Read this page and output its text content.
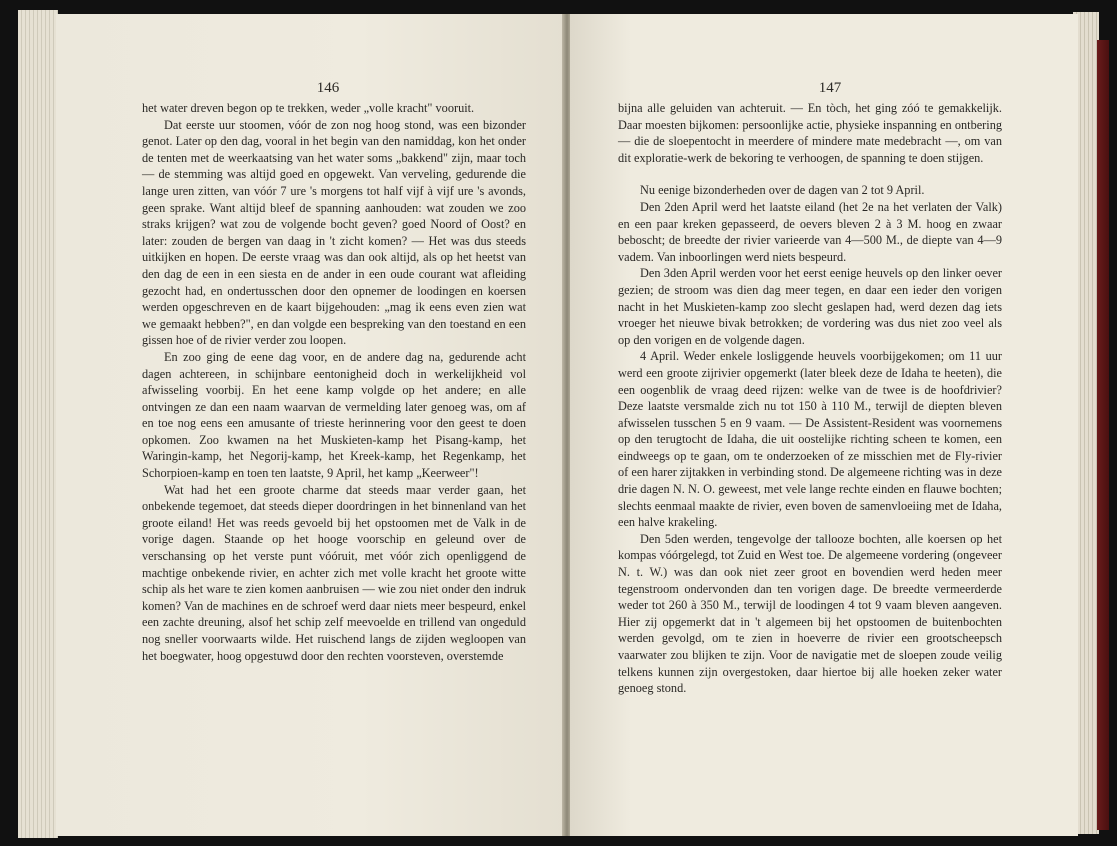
146

het water dreven begon op te trekken, weder „volle kracht" vooruit.

Dat eerste uur stoomen, vóór de zon nog hoog stond, was een bizonder genot. Later op den dag, vooral in het begin van den namiddag, kon het onder de tenten met de weerkaatsing van het water soms „bakkend" zijn, maar toch — de stemming was altijd goed en opgewekt. Van verveling, gedurende die lange uren zitten, van vóór 7 ure 's morgens tot half vijf à vijf ure 's avonds, geen sprake. Want altijd bleef de spanning aanhouden: wat zouden we zoo straks krijgen? wat zou de volgende bocht geven? goed Noord of Oost? en later: zouden de bergen van daag in 't zicht komen? — Het was dus steeds uitkijken en hopen. De eerste vraag was dan ook altijd, als op het heetst van den dag de een in een siesta en de ander in een oude courant wat afleiding gezocht had, en ondertusschen door den opnemer de loodingen en koersen werden opgeschreven en de kaart bijgehouden: „mag ik eens even zien wat we gemaakt hebben?", en dan volgde een bespreking van den toestand en een gissen hoe of de rivier verder zou loopen.

En zoo ging de eene dag voor, en de andere dag na, gedurende acht dagen achtereen, in schijnbare eentonigheid doch in werkelijkheid vol afwisseling voorbij. En het eene kamp volgde op het andere; en alle ontvingen ze dan een naam waarvan de vermelding later genoeg was, om af en toe nog eens een amusante of trieste herinnering voor den geest te doen opkomen. Zoo kwamen na het Muskieten-kamp het Pisang-kamp, het Waringin-kamp, het Negorij-kamp, het Kreek-kamp, het Regenkamp, het Schorpioen-kamp en toen ten laatste, 9 April, het kamp „Keerweer"!

Wat had het een groote charme dat steeds maar verder gaan, het onbekende tegemoet, dat steeds dieper doordringen in het binnenland van het groote eiland! Het was reeds gevoeld bij het opstoomen met de Valk in de vorige dagen. Staande op het hooge voorschip en geleund over de verschansing op het verste punt vóóruit, met vóór zich openliggend de machtige onbekende rivier, en achter zich met volle kracht het groote witte schip als het ware te zien komen aanbruisen — wie zou niet onder den indruk komen? Van de machines en de schroef werd daar niets meer bespeurd, enkel een zachte dreuning, alsof het schip zelf meevoelde en trillend van ongeduld nog sneller voorwaarts wilde. Het ruischend langs de zijden wegloopen van het boegwater, hoog opgestuwd door den rechten voorsteven, overstemde

147

bijna alle geluiden van achteruit. — En tòch, het ging zóó te gemakkelijk. Daar moesten bijkomen: persoonlijke actie, physieke inspanning en ontbering — die de sloepentocht in meerdere of mindere mate medebracht —, om van dit exploratie-werk de bekoring te verhoogen, de spanning te doen stijgen.

Nu eenige bizonderheden over de dagen van 2 tot 9 April.

Den 2den April werd het laatste eiland (het 2e na het verlaten der Valk) en een paar kreken gepasseerd, de oevers bleven 2 à 3 M. hoog en zwaar bebosсht; de breedte der rivier varieerde van 4—500 M., de diepte van 4—9 vadem. Van inboorlingen werd niets bespeurd.

Den 3den April werden voor het eerst eenige heuvels op den linker oever gezien; de stroom was dien dag meer tegen, en daar een ieder den vorigen nacht in het Muskieten-kamp zoo slecht geslapen had, werd dezen dag iets vroeger het nieuwe bivak betrokken; de vordering was dus niet zoo veel als op den vorigen en de volgende dagen.

4 April. Weder enkele losliggende heuvels voorbijgekomen; om 11 uur werd een groote zijrivier opgemerkt (later bleek deze de Idaha te heeten), die een oogenblik de vraag deed rijzen: welke van de twee is de hoofdrivier? Deze laatste versmalde zich nu tot 150 à 110 M., terwijl de diepten bleven afwisselen tusschen 5 en 9 vaam. — De Assistent-Resident was voornemens op den terugtocht de Idaha, die uit oostelijke richting scheen te komen, een eindweegs op te gaan, om te onderzoeken of ze misschien met de Fly-rivier of een harer zijtakken in verbinding stond. De algemeene richting was in deze drie dagen N. N. O. geweest, met vele lange rechte einden en flauwe bochten; slechts eenmaal maakte de rivier, even boven de samenvloeiing met de Idaha, een halve krakeling.

Den 5den werden, tengevolge der tallooze bochten, alle koersen op het kompas vóórgelegd, tot Zuid en West toe. De algemeene vordering (ongeveer N. t. W.) was dan ook niet zeer groot en bovendien werd heden meer tegenstroom ondervonden dan ten vorigen dage. De breedte vermeerderde weder tot 260 à 350 M., terwijl de loodingen 4 tot 9 vaam bleven aangeven. Hier zij opgemerkt dat in 't algemeen bij het opstoomen de buitenbochten werden gevolgd, om te zien in hoeverre de rivier een grootscheepsch vaarwater zou blijken te zijn. Voor de navigatie met de sloepen zoude veilig telkens kunnen zijn overgestoken, daar hiertoe bij alle hoeken zeker water genoeg stond.
